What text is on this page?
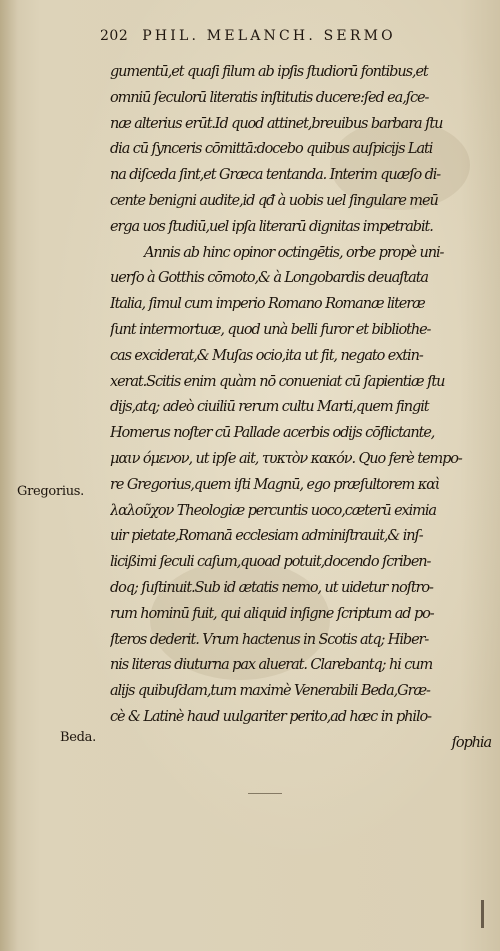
202 PHIL. MELANCH. SERMO
gumentū,et quaſi filum ab ipſis ſtudiorū fontibus,et
omniū ſeculorū literatis inſtitutis ducere:ſed ea,ſce-
næ alterius erūt.Id quod attinet,breuibus barbara ſtu
dia cū ſynceris cōmittā:docebo quibus auſpicijs Lati
na diſceda ſint,et Græca tentanda. Interim quæſo di-
cente benigni audite,id qđ à uobis uel ſingulare meū
erga uos ſtudiū,uel ipſa literarū dignitas impetrabit.
Annis ab hinc opinor octingētis, orbe propè uni-
uerſo à Gotthis cōmoto,& à Longobardis deuaſtata
Italia, ſimul cum imperio Romano Romanæ literæ
ſunt intermortuæ, quod unà belli furor et bibliothe-
cas exciderat,& Muſas ocio,ita ut fit, negato extin-
xerat.Scitis enim quàm nō conueniat cū ſapientiæ ſtu
dijs,atq; adeò ciuiliū rerum cultu Marti,quem fingit
Homerus noſter cū Pallade acerbis odijs cōflictante,
μαιν όμενον, ut ipſe ait, τυκτὸν κακόν. Quo ferè tempo-
re Gregorius,quem iſti Magnū, ego præſultorem καὶ
λαλοῦχον Theologiæ percuntis uoco,cæterū eximia
uir pietate,Romanā ecclesiam adminiſtrauit,& inſ-
licißimi ſeculi caſum,quoad potuit,docendo ſcriben-
doq; ſuſtinuit.Sub id ætatis nemo, ut uidetur noſtro-
rum hominū fuit, qui aliquid inſigne ſcriptum ad po-
ſteros dederit. Vrum hactenus in Scotis atq; Hiber-
nis literas diuturna pax aluerat. Clarebantq; hi cum
alijs quibuſdam,tum maximè Venerabili Beda,Græ-
cè & Latinè haud uulgariter perito,ad hæc in philo-
ſophia
Gregorius.
Beda.
